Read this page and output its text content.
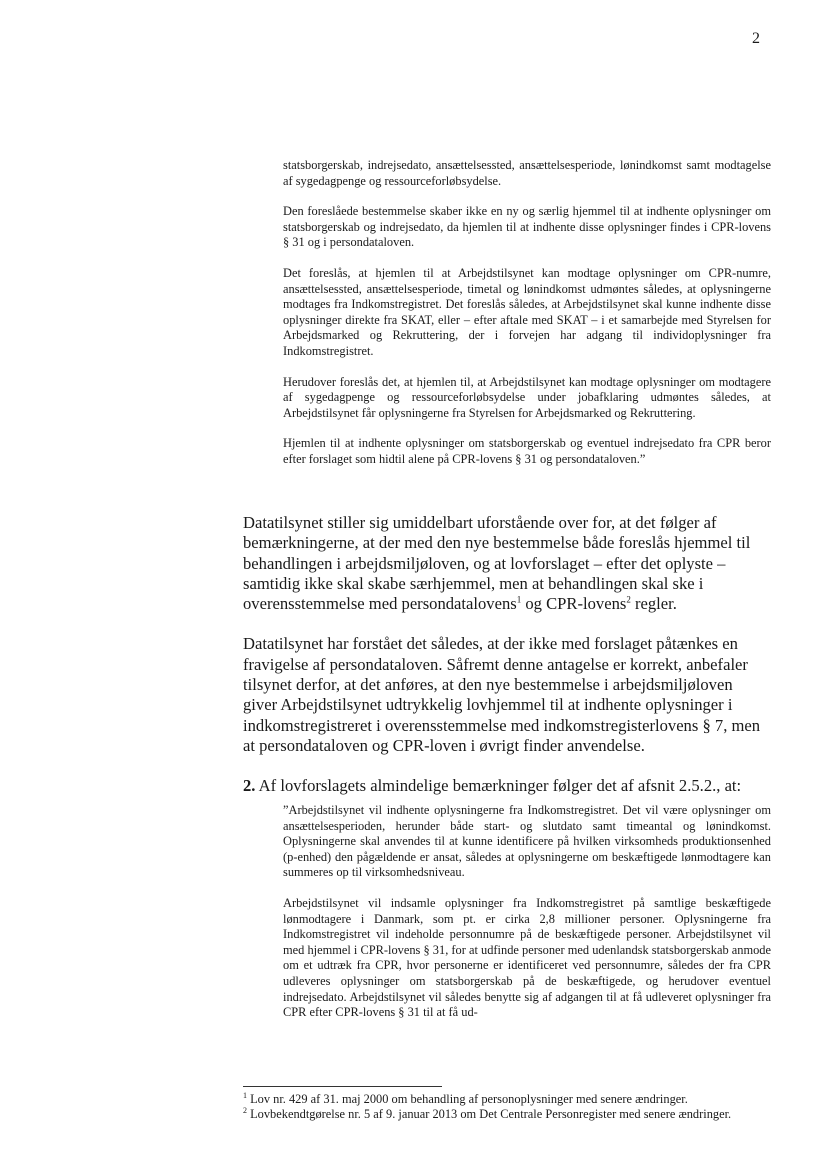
2

statsborgerskab, indrejsedato, ansættelsessted, ansættelsesperiode, lønindkomst samt modtagelse af sygedagpenge og ressourceforløbsydelse.

Den foreslåede bestemmelse skaber ikke en ny og særlig hjemmel til at indhente oplysninger om statsborgerskab og indrejsedato, da hjemlen til at indhente disse oplysninger findes i CPR-lovens § 31 og i persondataloven.

Det foreslås, at hjemlen til at Arbejdstilsynet kan modtage oplysninger om CPR-numre, ansættelsessted, ansættelsesperiode, timetal og lønindkomst udmøntes således, at oplysningerne modtages fra Indkomstregistret. Det foreslås således, at Arbejdstilsynet skal kunne indhente disse oplysninger direkte fra SKAT, eller – efter aftale med SKAT – i et samarbejde med Styrelsen for Arbejdsmarked og Rekruttering, der i forvejen har adgang til individoplysninger fra Indkomstregistret.

Herudover foreslås det, at hjemlen til, at Arbejdstilsynet kan modtage oplysninger om modtagere af sygedagpenge og ressourceforløbsydelse under jobafklaring udmøntes således, at Arbejdstilsynet får oplysningerne fra Styrelsen for Arbejdsmarked og Rekruttering.

Hjemlen til at indhente oplysninger om statsborgerskab og eventuel indrejsedato fra CPR beror efter forslaget som hidtil alene på CPR-lovens § 31 og persondataloven.”

Datatilsynet stiller sig umiddelbart uforstående over for, at det følger af bemærkningerne, at der med den nye bestemmelse både foreslås hjemmel til behandlingen i arbejdsmiljøloven, og at lovforslaget – efter det oplyste – samtidig ikke skal skabe særhjemmel, men at behandlingen skal ske i overensstemmelse med persondatalovens$^1$ og CPR-lovens$^2$ regler.

Datatilsynet har forstået det således, at der ikke med forslaget påtænkes en fravigelse af persondataloven. Såfremt denne antagelse er korrekt, anbefaler tilsynet derfor, at det anføres, at den nye bestemmelse i arbejdsmiljøloven giver Arbejdstilsynet udtrykkelig lovhjemmel til at indhente oplysninger i indkomstregistreret i overensstemmelse med indkomstregisterlovens § 7, men at persondataloven og CPR-loven i øvrigt finder anvendelse.

2. Af lovforslagets almindelige bemærkninger følger det af afsnit 2.5.2., at:

”Arbejdstilsynet vil indhente oplysningerne fra Indkomstregistret. Det vil være oplysninger om ansættelsesperioden, herunder både start- og slutdato samt timeantal og lønindkomst. Oplysningerne skal anvendes til at kunne identificere på hvilken virksomheds produktionsenhed (p-enhed) den pågældende er ansat, således at oplysningerne om beskæftigede lønmodtagere kan summeres op til virksomhedsniveau.

Arbejdstilsynet vil indsamle oplysninger fra Indkomstregistret på samtlige beskæftigede lønmodtagere i Danmark, som pt. er cirka 2,8 millioner personer. Oplysningerne fra Indkomstregistret vil indeholde personnumre på de beskæftigede personer. Arbejdstilsynet vil med hjemmel i CPR-lovens § 31, for at udfinde personer med udenlandsk statsborgerskab anmode om et udtræk fra CPR, hvor personerne er identificeret ved personnumre, således der fra CPR udleveres oplysninger om statsborgerskab på de beskæftigede, og herudover eventuel indrejsedato. Arbejdstilsynet vil således benytte sig af adgangen til at få udleveret oplysninger fra CPR efter CPR-lovens § 31 til at få ud-

$^1$ Lov nr. 429 af 31. maj 2000 om behandling af personoplysninger med senere ændringer.

$^2$ Lovbekendtgørelse nr. 5 af 9. januar 2013 om Det Centrale Personregister med senere ændringer.
